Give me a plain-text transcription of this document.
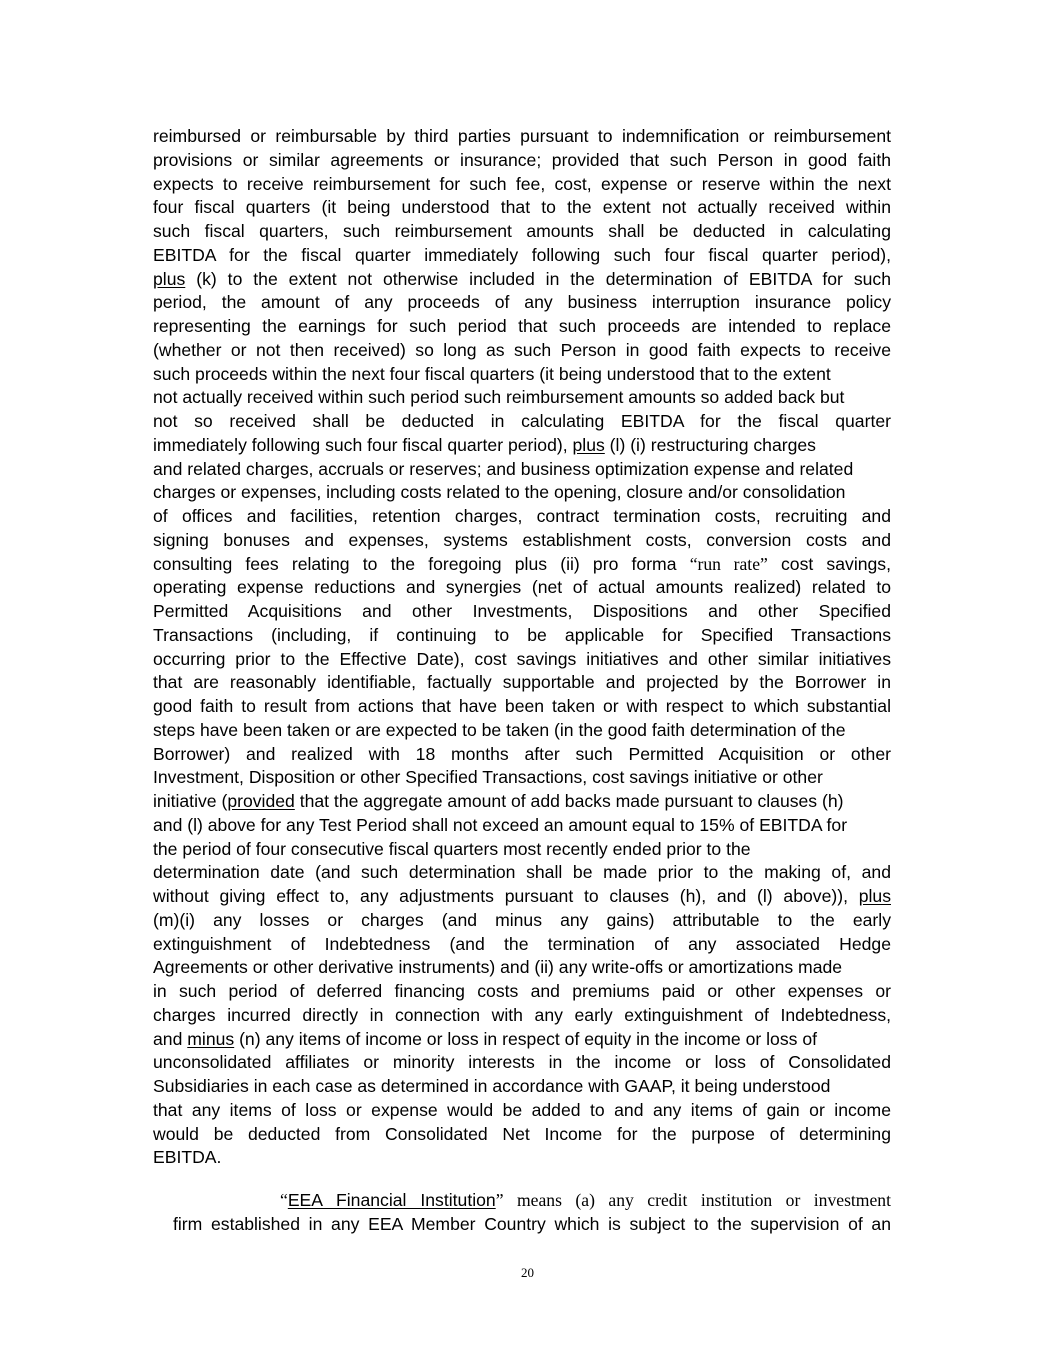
reimbursed or reimbursable by third parties pursuant to indemnification or reimbursement
provisions or similar agreements or insurance; provided that such Person in good faith
expects to receive reimbursement for such fee, cost, expense or reserve within the next
four fiscal quarters (it being understood that to the extent not actually received within
such fiscal quarters, such reimbursement amounts shall be deducted in calculating
EBITDA for the fiscal quarter immediately following such four fiscal quarter period),
plus (k) to the extent not otherwise included in the determination of EBITDA for such
period, the amount of any proceeds of any business interruption insurance policy
representing the earnings for such period that such proceeds are intended to replace
(whether or not then received) so long as such Person in good faith expects to receive
such proceeds within the next four fiscal quarters (it being understood that to the extent
not actually received within such period such reimbursement amounts so added back but
not so received shall be deducted in calculating EBITDA for the fiscal quarter
immediately following such four fiscal quarter period), plus (l) (i) restructuring charges
and related charges, accruals or reserves; and business optimization expense and related
charges or expenses, including costs related to the opening, closure and/or consolidation
of offices and facilities, retention charges, contract termination costs, recruiting and
signing bonuses and expenses, systems establishment costs, conversion costs and
consulting fees relating to the foregoing plus (ii) pro forma “run rate” cost savings,
operating expense reductions and synergies (net of actual amounts realized) related to
Permitted Acquisitions and other Investments, Dispositions and other Specified
Transactions (including, if continuing to be applicable for Specified Transactions
occurring prior to the Effective Date), cost savings initiatives and other similar initiatives
that are reasonably identifiable, factually supportable and projected by the Borrower in
good faith to result from actions that have been taken or with respect to which substantial
steps have been taken or are expected to be taken (in the good faith determination of the
Borrower) and realized with 18 months after such Permitted Acquisition or other
Investment, Disposition or other Specified Transactions, cost savings initiative or other
initiative (provided that the aggregate amount of add backs made pursuant to clauses (h)
and (l) above for any Test Period shall not exceed an amount equal to 15% of EBITDA for
the period of four consecutive fiscal quarters most recently ended prior to the
determination date (and such determination shall be made prior to the making of, and
without giving effect to, any adjustments pursuant to clauses (h), and (l) above)), plus
(m)(i) any losses or charges (and minus any gains) attributable to the early
extinguishment of Indebtedness (and the termination of any associated Hedge
Agreements or other derivative instruments) and (ii) any write-offs or amortizations made
in such period of deferred financing costs and premiums paid or other expenses or
charges incurred directly in connection with any early extinguishment of Indebtedness,
and minus (n) any items of income or loss in respect of equity in the income or loss of
unconsolidated affiliates or minority interests in the income or loss of Consolidated
Subsidiaries in each case as determined in accordance with GAAP, it being understood
that any items of loss or expense would be added to and any items of gain or income
would be deducted from Consolidated Net Income for the purpose of determining
EBITDA.
“EEA Financial Institution” means (a) any credit institution or investment
firm established in any EEA Member Country which is subject to the supervision of an
20
